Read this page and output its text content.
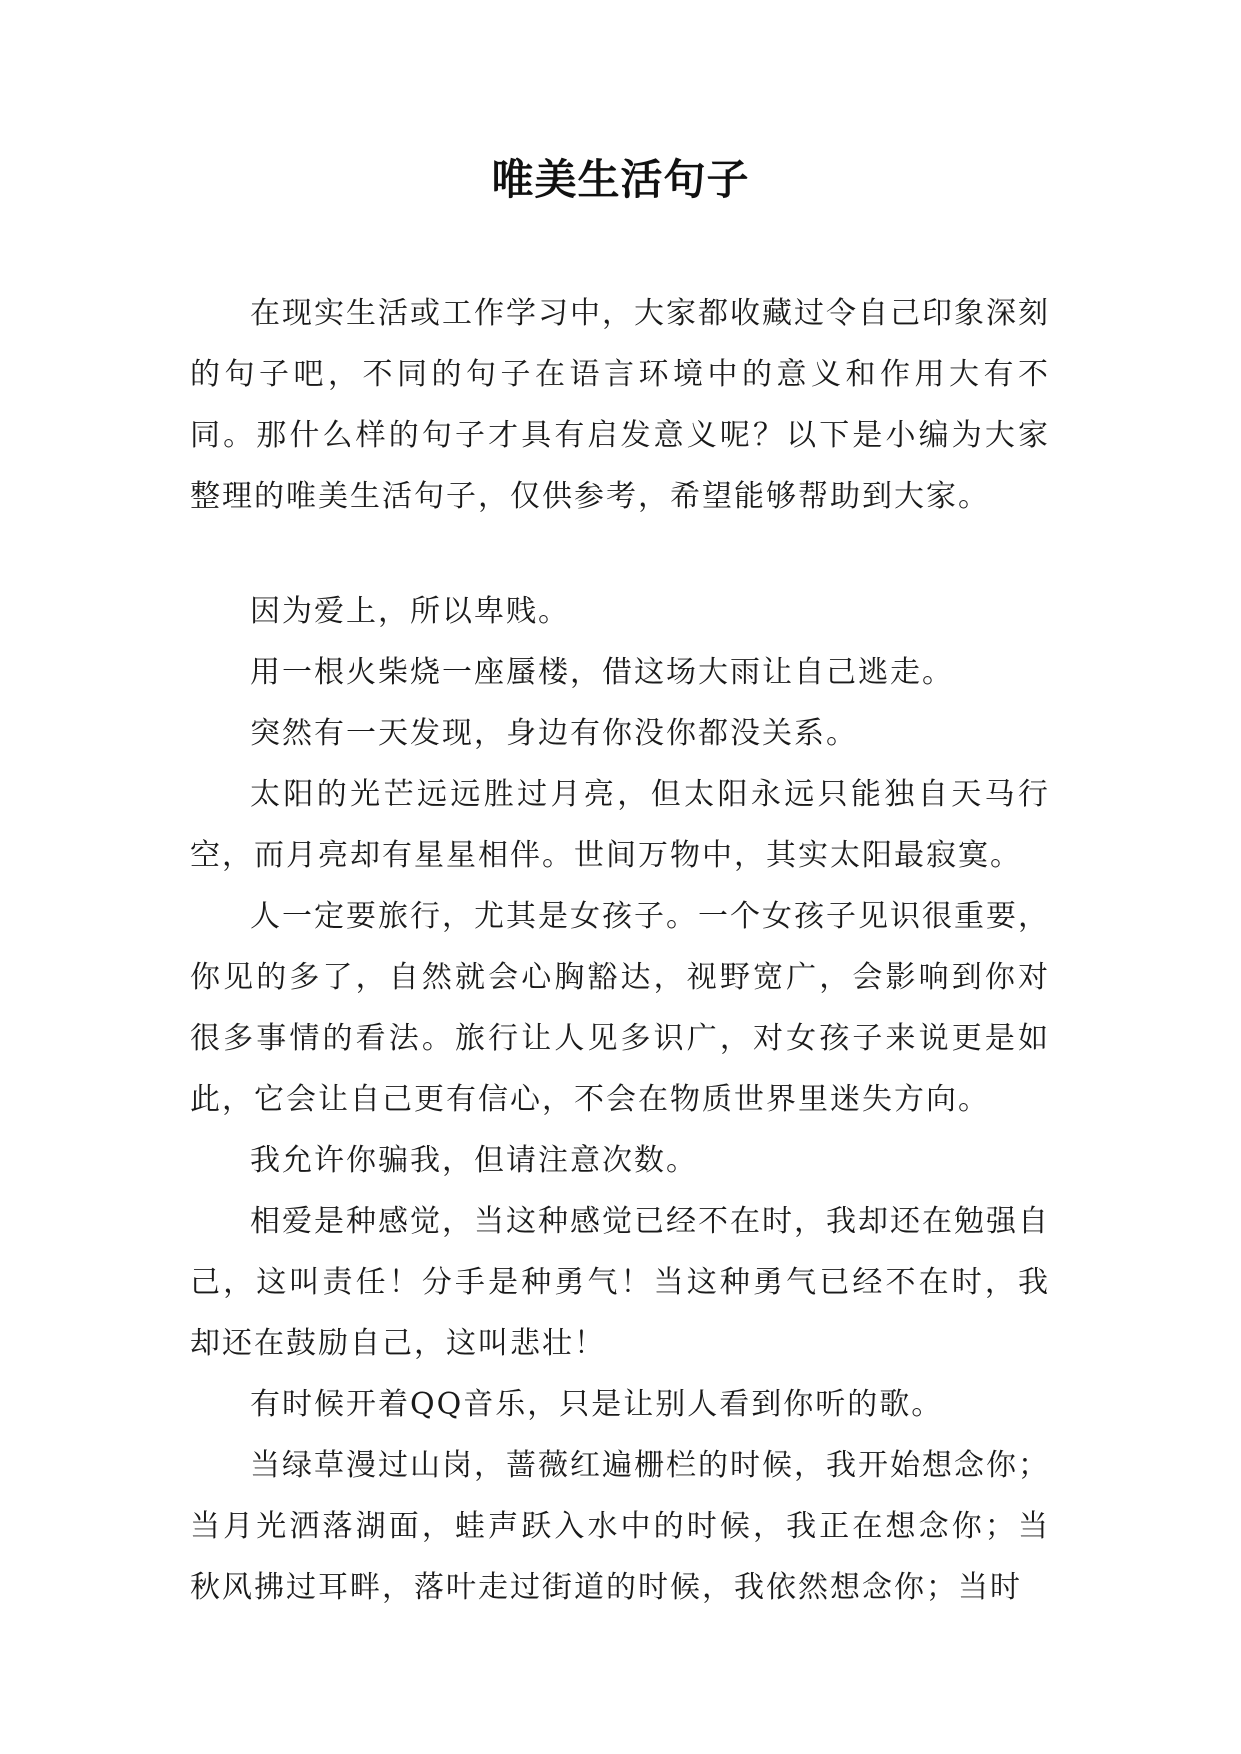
唯美生活句子

在现实生活或工作学习中，大家都收藏过令自己印象深刻的句子吧，不同的句子在语言环境中的意义和作用大有不同。那什么样的句子才具有启发意义呢？以下是小编为大家整理的唯美生活句子，仅供参考，希望能够帮助到大家。

因为爱上，所以卑贱。

用一根火柴烧一座蜃楼，借这场大雨让自己逃走。

突然有一天发现，身边有你没你都没关系。

太阳的光芒远远胜过月亮，但太阳永远只能独自天马行空，而月亮却有星星相伴。世间万物中，其实太阳最寂寞。

人一定要旅行，尤其是女孩子。一个女孩子见识很重要，你见的多了，自然就会心胸豁达，视野宽广，会影响到你对很多事情的看法。旅行让人见多识广，对女孩子来说更是如此，它会让自己更有信心，不会在物质世界里迷失方向。

我允许你骗我，但请注意次数。

相爱是种感觉，当这种感觉已经不在时，我却还在勉强自己，这叫责任！分手是种勇气！当这种勇气已经不在时，我却还在鼓励自己，这叫悲壮！

有时候开着QQ音乐，只是让别人看到你听的歌。

当绿草漫过山岗，蔷薇红遍栅栏的时候，我开始想念你；当月光洒落湖面，蛙声跃入水中的时候，我正在想念你；当秋风拂过耳畔，落叶走过街道的时候，我依然想念你；当时
